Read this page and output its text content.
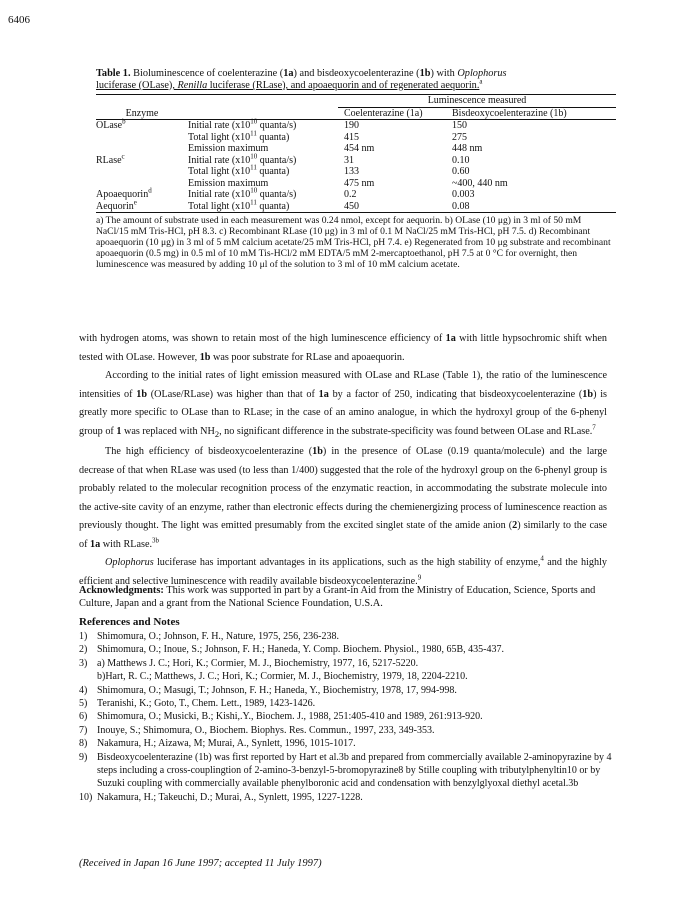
6406
Table 1. Bioluminescence of coelenterazine (1a) and bisdeoxycoelenterazine (1b) with Oplophorus
luciferase (OLase), Renilla luciferase (RLase), and apoaequorin and of regenerated aequorin.$^a$
Enzyme		Luminescence measured	
		Coelenterazine (1a)	Bisdeoxycoelenterazine (1b)
OLase$^b$	Initial rate ($x10^{10}$ quanta/s)	190	150
	Total light ($x10^{11}$ quanta)	415	275
	Emission maximum	454 nm	448 nm
RLase$^c$	Initial rate ($x10^{10}$ quanta/s)	31	0.10
	Total light ($x10^{11}$ quanta)	133	0.60
	Emission maximum	475 nm	~400, 440 nm
Apoaequorin$^d$	Initial rate ($x10^{10}$ quanta/s)	0.2	0.003
Aequorin$^e$	Total light ($x10^{11}$ quanta)	450	0.08
a) The amount of substrate used in each measurement was 0.24 nmol, except for aequorin. b) OLase (10 μg) in 3 ml of 50 mM NaCl/15 mM Tris-HCl, pH 8.3. c) Recombinant RLase (10 μg) in 3 ml of 0.1 M NaCl/25 mM Tris-HCl, pH 7.5. d) Recombinant apoaequorin (10 μg) in 3 ml of 5 mM calcium acetate/25 mM Tris-HCl, pH 7.4. e) Regenerated from 10 μg substrate and recombinant apoaequorin (0.5 mg) in 0.5 ml of 10 mM Tis-HCl/2 mM EDTA/5 mM 2-mercaptoethanol, pH 7.5 at 0 °C for overnight, then luminescence was measured by adding 10 μl of the solution to 3 ml of 10 mM calcium acetate.

with hydrogen atoms, was shown to retain most of the high luminescence efficiency of 1a with little hypsochromic shift when tested with OLase. However, 1b was poor substrate for RLase and apoaequorin.

According to the initial rates of light emission measured with OLase and RLase (Table 1), the ratio of the luminescence intensities of 1b (OLase/RLase) was higher than that of 1a by a factor of 250, indicating that bisdeoxycoelenterazine (1b) is greatly more specific to OLase than to RLase; in the case of an amino analogue, in which the hydroxyl group of the 6-phenyl group of 1 was replaced with $NH_2$, no significant difference in the substrate-specificity was found between OLase and RLase.$^7$

The high efficiency of bisdeoxycoelenterazine (1b) in the presence of OLase (0.19 quanta/molecule) and the large decrease of that when RLase was used (to less than 1/400) suggested that the role of the hydroxyl group on the 6-phenyl group is probably related to the molecular recognition process of the enzymatic reaction, in accommodating the substrate molecule into the active-site cavity of an enzyme, rather than electronic effects during the chemienergizing process of luminescence reaction as previously thought. The light was emitted presumably from the excited singlet state of the amide anion (2) similarly to the case of 1a with RLase.$^{3b}$

Oplophorus luciferase has important advantages in its applications, such as the high stability of enzyme,$^4$ and the highly efficient and selective luminescence with readily available bisdeoxycoelenterazine.$^9$

Acknowledgments: This work was supported in part by a Grant-in Aid from the Ministry of Education, Science, Sports and Culture, Japan and a grant from the National Science Foundation, U.S.A.
References and Notes
1) Shimomura, O.; Johnson, F. H., Nature, 1975, 256, 236-238.
2) Shimomura, O.; Inoue, S.; Johnson, F. H.; Haneda, Y. Comp. Biochem. Physiol., 1980, 65B, 435-437.
3) a) Matthews J. C.; Hori, K.; Cormier, M. J., Biochemistry, 1977, 16, 5217-5220.
b)Hart, R. C.; Matthews, J. C.; Hori, K.; Cormier, M. J., Biochemistry, 1979, 18, 2204-2210.
4) Shimomura, O.; Masugi, T.; Johnson, F. H.; Haneda, Y., Biochemistry, 1978, 17, 994-998.
5) Teranishi, K.; Goto, T., Chem. Lett., 1989, 1423-1426.
6) Shimomura, O.; Musicki, B.; Kishi,.Y., Biochem. J., 1988, 251:405-410 and 1989, 261:913-920.
7) Inouye, S.; Shimomura, O., Biochem. Biophys. Res. Commun., 1997, 233, 349-353.
8) Nakamura, H.; Aizawa, M; Murai, A., Synlett, 1996, 1015-1017.
9) Bisdeoxycoelenterazine (1b) was first reported by Hart et al.3b and prepared from commercially available 2-aminopyrazine by 4 steps including a cross-couplingtion of 2-amino-3-benzyl-5-bromopyrazine8 by Stille coupling with tributylphenyltin10 or by Suzuki coupling with commercially available phenylboronic acid and condensation with benzylglyoxal diethyl acetal.3b
10) Nakamura, H.; Takeuchi, D.; Murai, A., Synlett, 1995, 1227-1228.
(Received in Japan 16 June 1997; accepted 11 July 1997)
